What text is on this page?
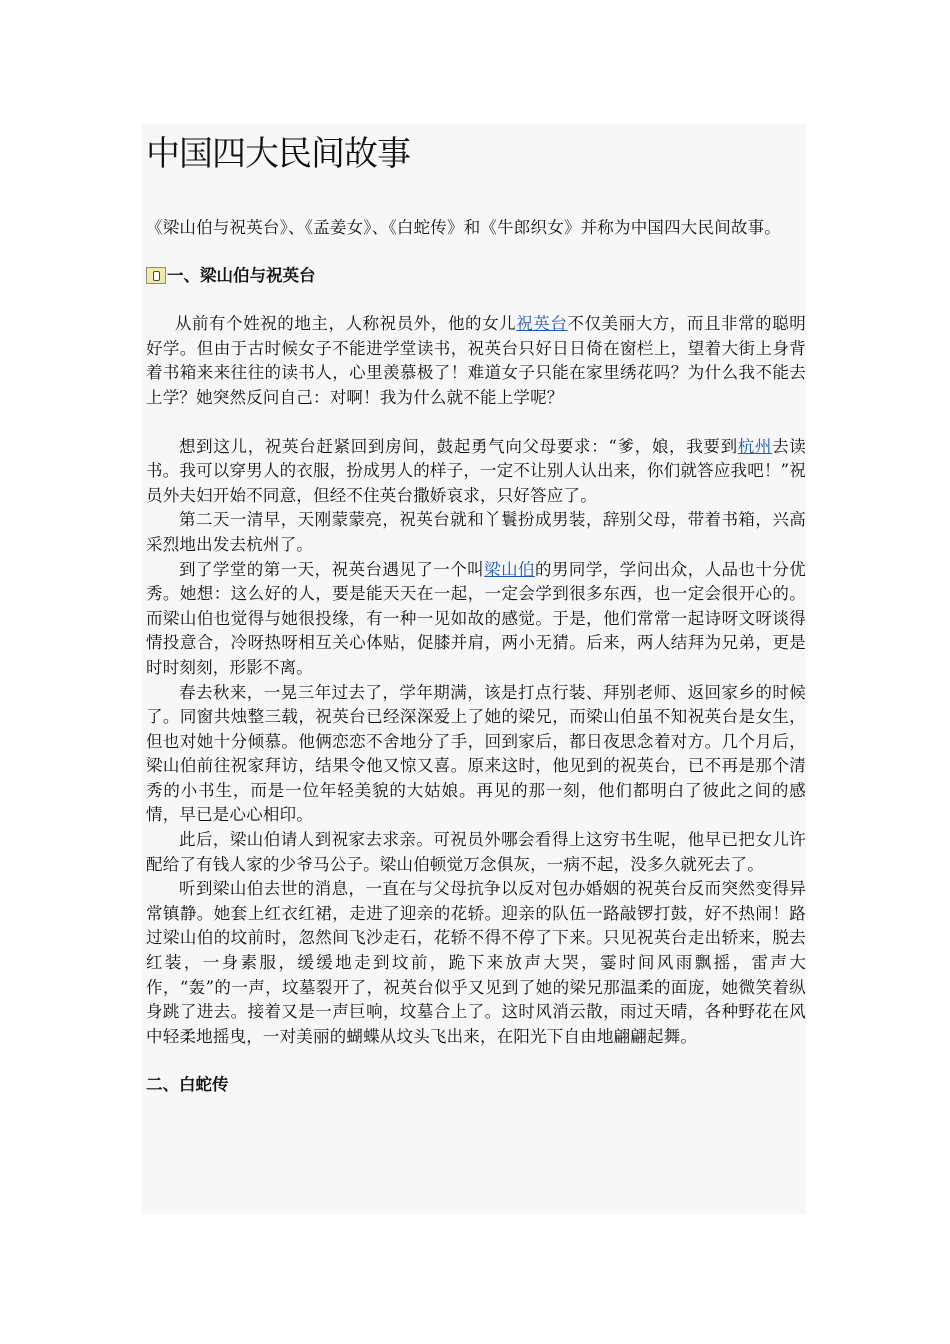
中国四大民间故事

《梁山伯与祝英台》、《孟姜女》、《白蛇传》和《牛郎织女》并称为中国四大民间故事。

一、梁山伯与祝英台

从前有个姓祝的地主，人称祝员外，他的女儿祝英台不仅美丽大方，而且非常的聪明好学。但由于古时候女子不能进学堂读书，祝英台只好日日倚在窗栏上，望着大街上身背着书箱来来往往的读书人，心里羡慕极了！难道女子只能在家里绣花吗？为什么我不能去上学？她突然反问自己：对啊！我为什么就不能上学呢？

想到这儿，祝英台赶紧回到房间，鼓起勇气向父母要求：“爹，娘，我要到杭州去读书。我可以穿男人的衣服，扮成男人的样子，一定不让别人认出来，你们就答应我吧！”祝员外夫妇开始不同意，但经不住英台撒娇哀求，只好答应了。

第二天一清早，天刚蒙蒙亮，祝英台就和丫鬟扮成男装，辞别父母，带着书箱，兴高采烈地出发去杭州了。

到了学堂的第一天，祝英台遇见了一个叫梁山伯的男同学，学问出众，人品也十分优秀。她想：这么好的人，要是能天天在一起，一定会学到很多东西，也一定会很开心的。而梁山伯也觉得与她很投缘，有一种一见如故的感觉。于是，他们常常一起诗呀文呀谈得情投意合，冷呀热呀相互关心体贴，促膝并肩，两小无猜。后来，两人结拜为兄弟，更是时时刻刻，形影不离。

春去秋来，一晃三年过去了，学年期满，该是打点行装、拜别老师、返回家乡的时候了。同窗共烛整三载，祝英台已经深深爱上了她的梁兄，而梁山伯虽不知祝英台是女生，但也对她十分倾慕。他俩恋恋不舍地分了手，回到家后，都日夜思念着对方。几个月后，梁山伯前往祝家拜访，结果令他又惊又喜。原来这时，他见到的祝英台，已不再是那个清秀的小书生，而是一位年轻美貌的大姑娘。再见的那一刻，他们都明白了彼此之间的感情，早已是心心相印。

此后，梁山伯请人到祝家去求亲。可祝员外哪会看得上这穷书生呢，他早已把女儿许配给了有钱人家的少爷马公子。梁山伯顿觉万念俱灰，一病不起，没多久就死去了。

听到梁山伯去世的消息，一直在与父母抗争以反对包办婚姻的祝英台反而突然变得异常镇静。她套上红衣红裙，走进了迎亲的花轿。迎亲的队伍一路敲锣打鼓，好不热闹！路过梁山伯的坟前时，忽然间飞沙走石，花轿不得不停了下来。只见祝英台走出轿来，脱去红装，一身素服，缓缓地走到坟前，跪下来放声大哭，霎时间风雨飘摇，雷声大作，“轰”的一声，坟墓裂开了，祝英台似乎又见到了她的梁兄那温柔的面庞，她微笑着纵身跳了进去。接着又是一声巨响，坟墓合上了。这时风消云散，雨过天晴，各种野花在风中轻柔地摇曳，一对美丽的蝴蝶从坟头飞出来，在阳光下自由地翩翩起舞。

二、白蛇传
